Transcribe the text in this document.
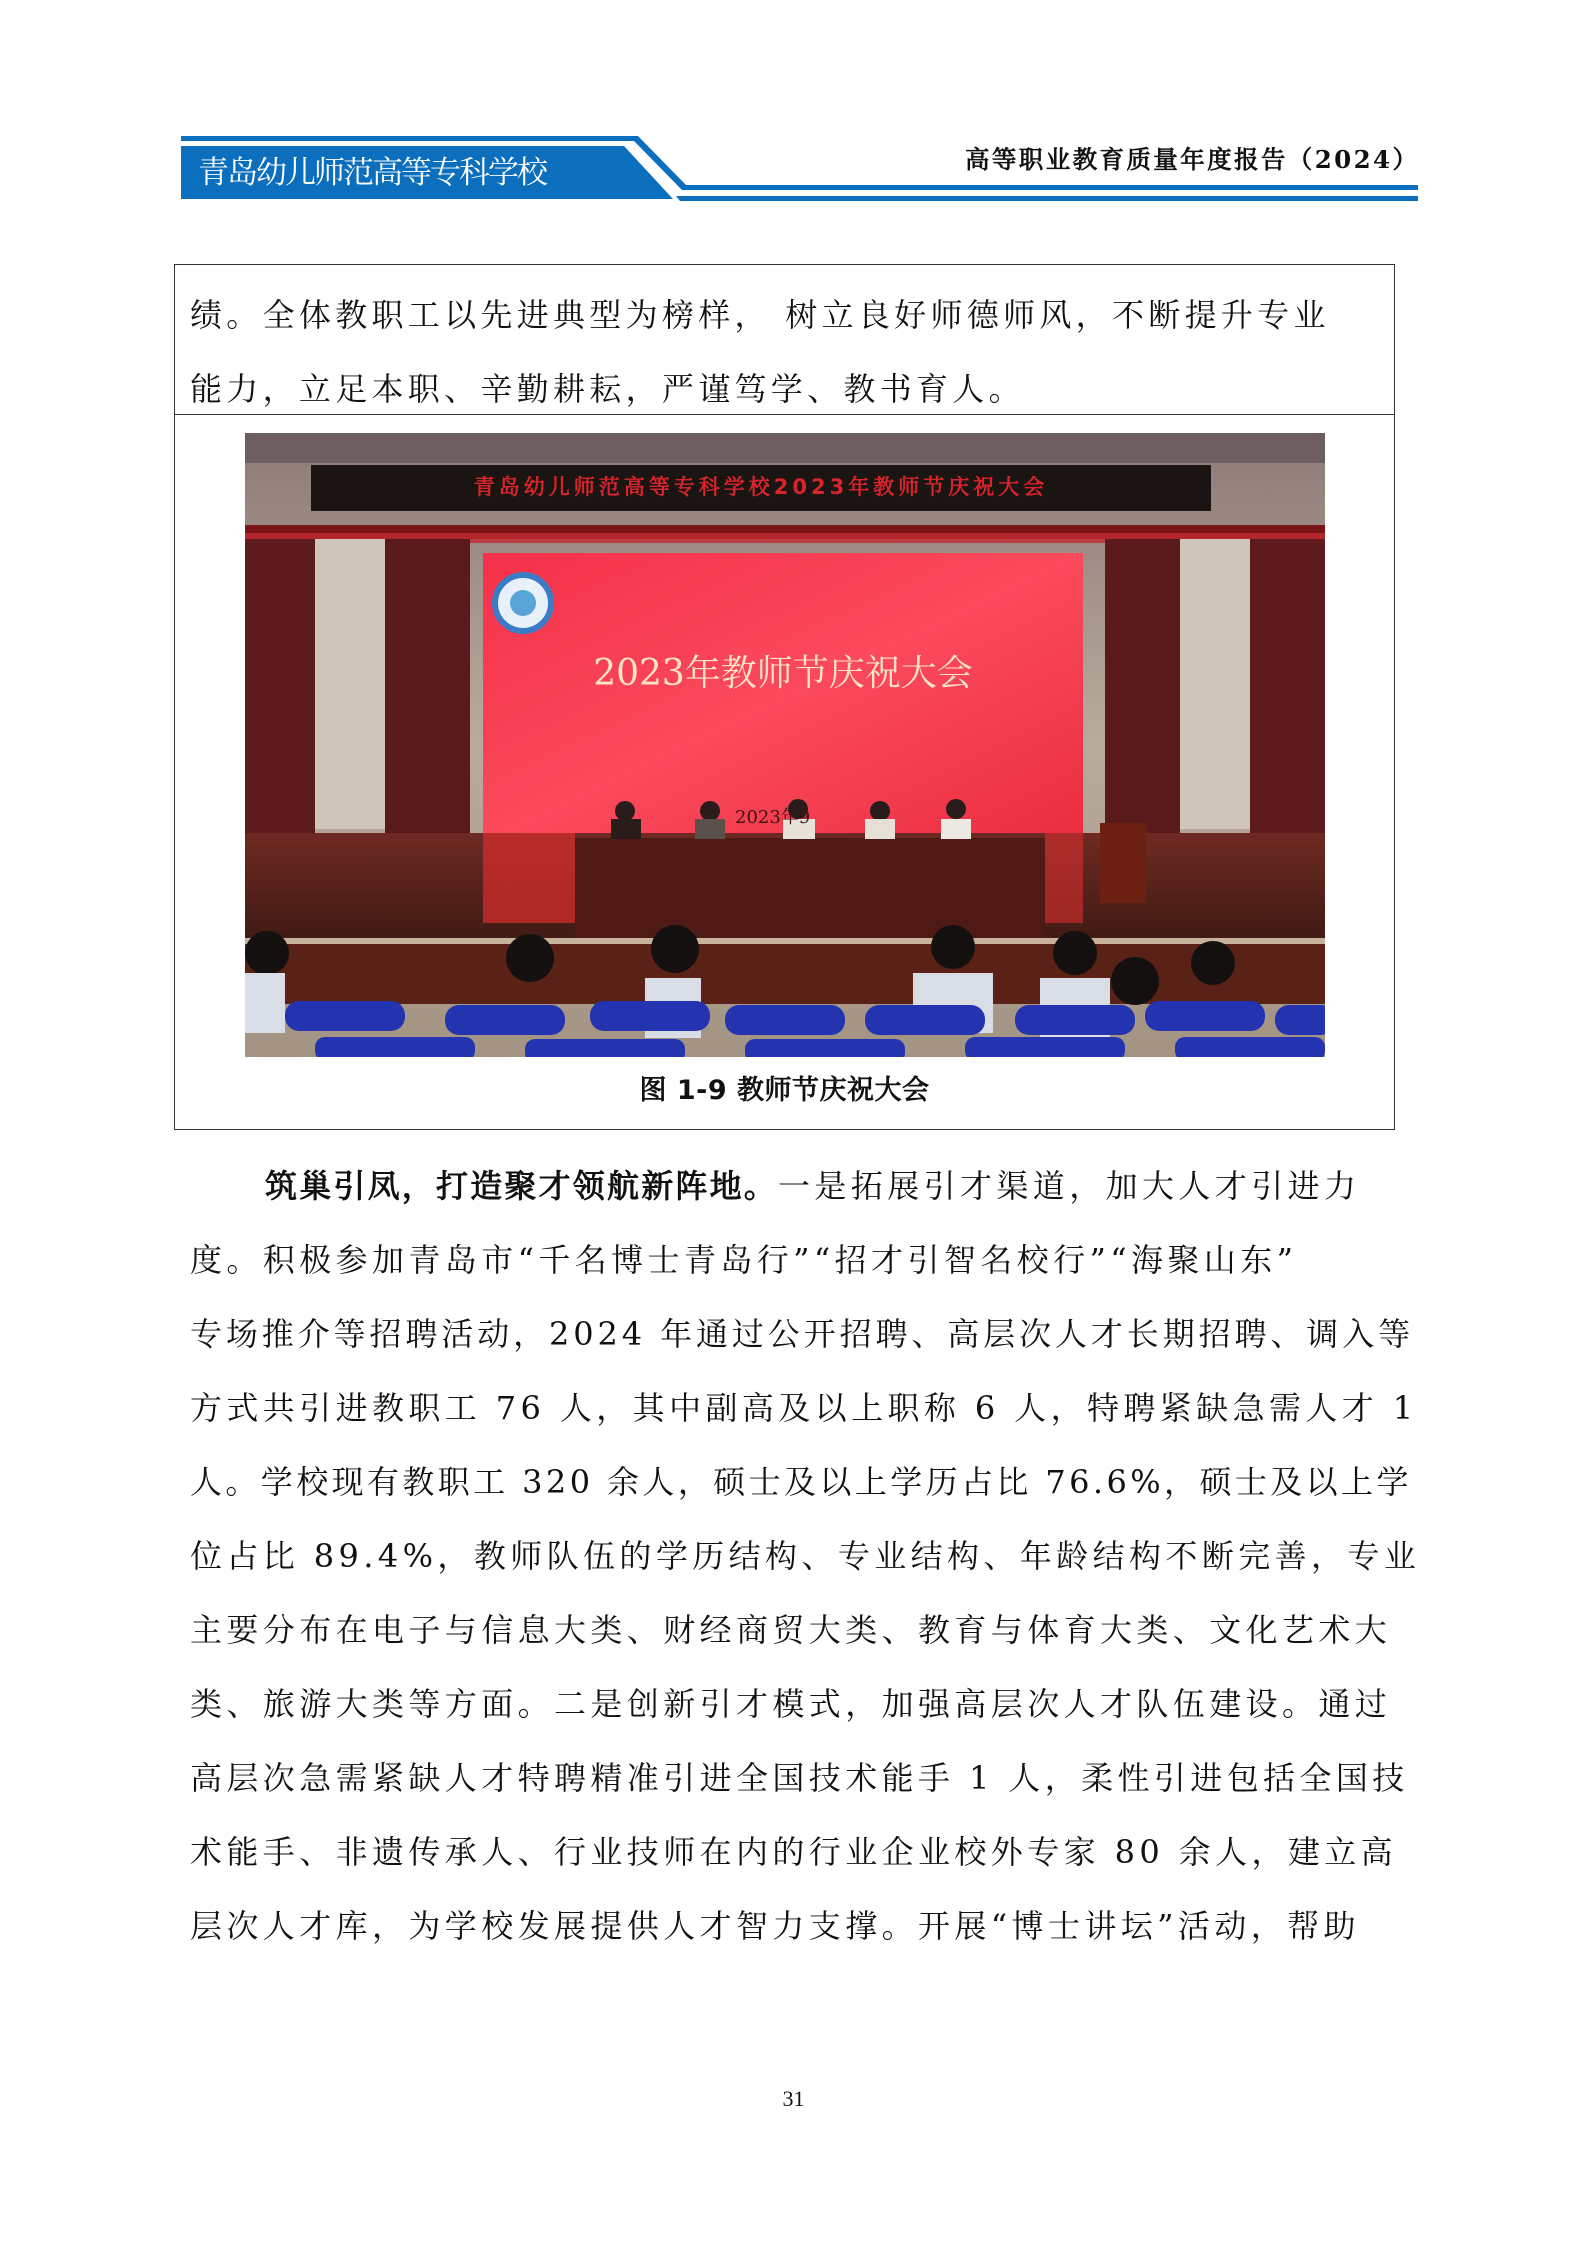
青岛幼儿师范高等专科学校	高等职业教育质量年度报告（2024）
绩。全体教职工以先进典型为榜样， 树立良好师德师风，不断提升专业
能力，立足本职、辛勤耕耘，严谨笃学、教书育人。
青岛幼儿师范高等专科学校2023年教师节庆祝大会
2023年教师节庆祝大会
2023年9
图 1-9 教师节庆祝大会
筑巢引凤，打造聚才领航新阵地。一是拓展引才渠道，加大人才引进力
度。积极参加青岛市“千名博士青岛行”“招才引智名校行”“海聚山东”
专场推介等招聘活动，2024 年通过公开招聘、高层次人才长期招聘、调入等
方式共引进教职工 76 人，其中副高及以上职称 6 人，特聘紧缺急需人才 1
人。学校现有教职工 320 余人，硕士及以上学历占比 76.6%，硕士及以上学
位占比 89.4%，教师队伍的学历结构、专业结构、年龄结构不断完善，专业
主要分布在电子与信息大类、财经商贸大类、教育与体育大类、文化艺术大
类、旅游大类等方面。二是创新引才模式，加强高层次人才队伍建设。通过
高层次急需紧缺人才特聘精准引进全国技术能手 1 人，柔性引进包括全国技
术能手、非遗传承人、行业技师在内的行业企业校外专家 80 余人，建立高
层次人才库，为学校发展提供人才智力支撑。开展“博士讲坛”活动，帮助
31
